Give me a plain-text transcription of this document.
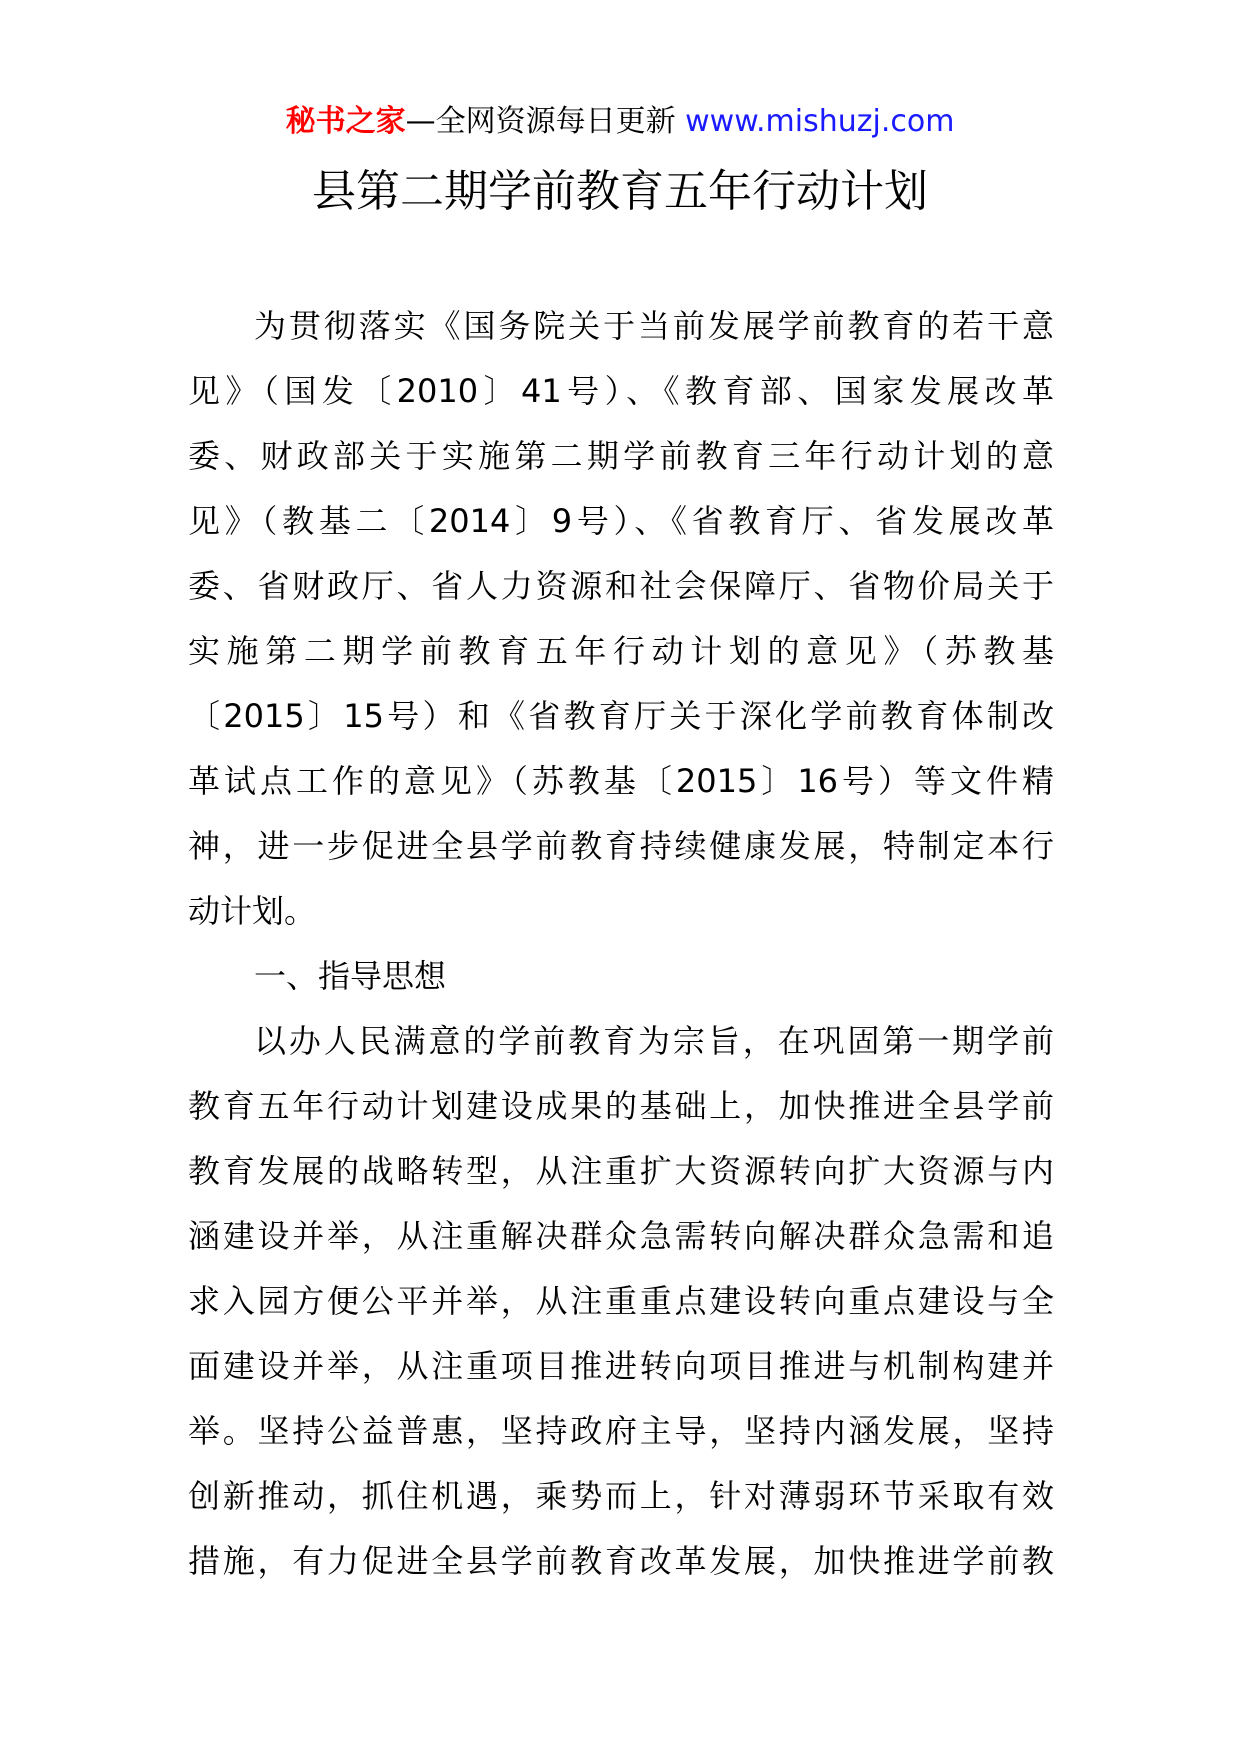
秘书之家—全网资源每日更新 www.mishuzj.com
县第二期学前教育五年行动计划
为贯彻落实《国务院关于当前发展学前教育的若干意
见》（国发〔2010〕41号）、《教育部、国家发展改革
委、财政部关于实施第二期学前教育三年行动计划的意
见》（教基二〔2014〕9号）、《省教育厅、省发展改革
委、省财政厅、省人力资源和社会保障厅、省物价局关于
实施第二期学前教育五年行动计划的意见》（苏教基
〔2015〕15号）和《省教育厅关于深化学前教育体制改
革试点工作的意见》（苏教基〔2015〕16号）等文件精
神，进一步促进全县学前教育持续健康发展，特制定本行
动计划。
一、指导思想
以办人民满意的学前教育为宗旨，在巩固第一期学前
教育五年行动计划建设成果的基础上，加快推进全县学前
教育发展的战略转型，从注重扩大资源转向扩大资源与内
涵建设并举，从注重解决群众急需转向解决群众急需和追
求入园方便公平并举，从注重重点建设转向重点建设与全
面建设并举，从注重项目推进转向项目推进与机制构建并
举。坚持公益普惠，坚持政府主导，坚持内涵发展，坚持
创新推动，抓住机遇，乘势而上，针对薄弱环节采取有效
措施，有力促进全县学前教育改革发展，加快推进学前教
